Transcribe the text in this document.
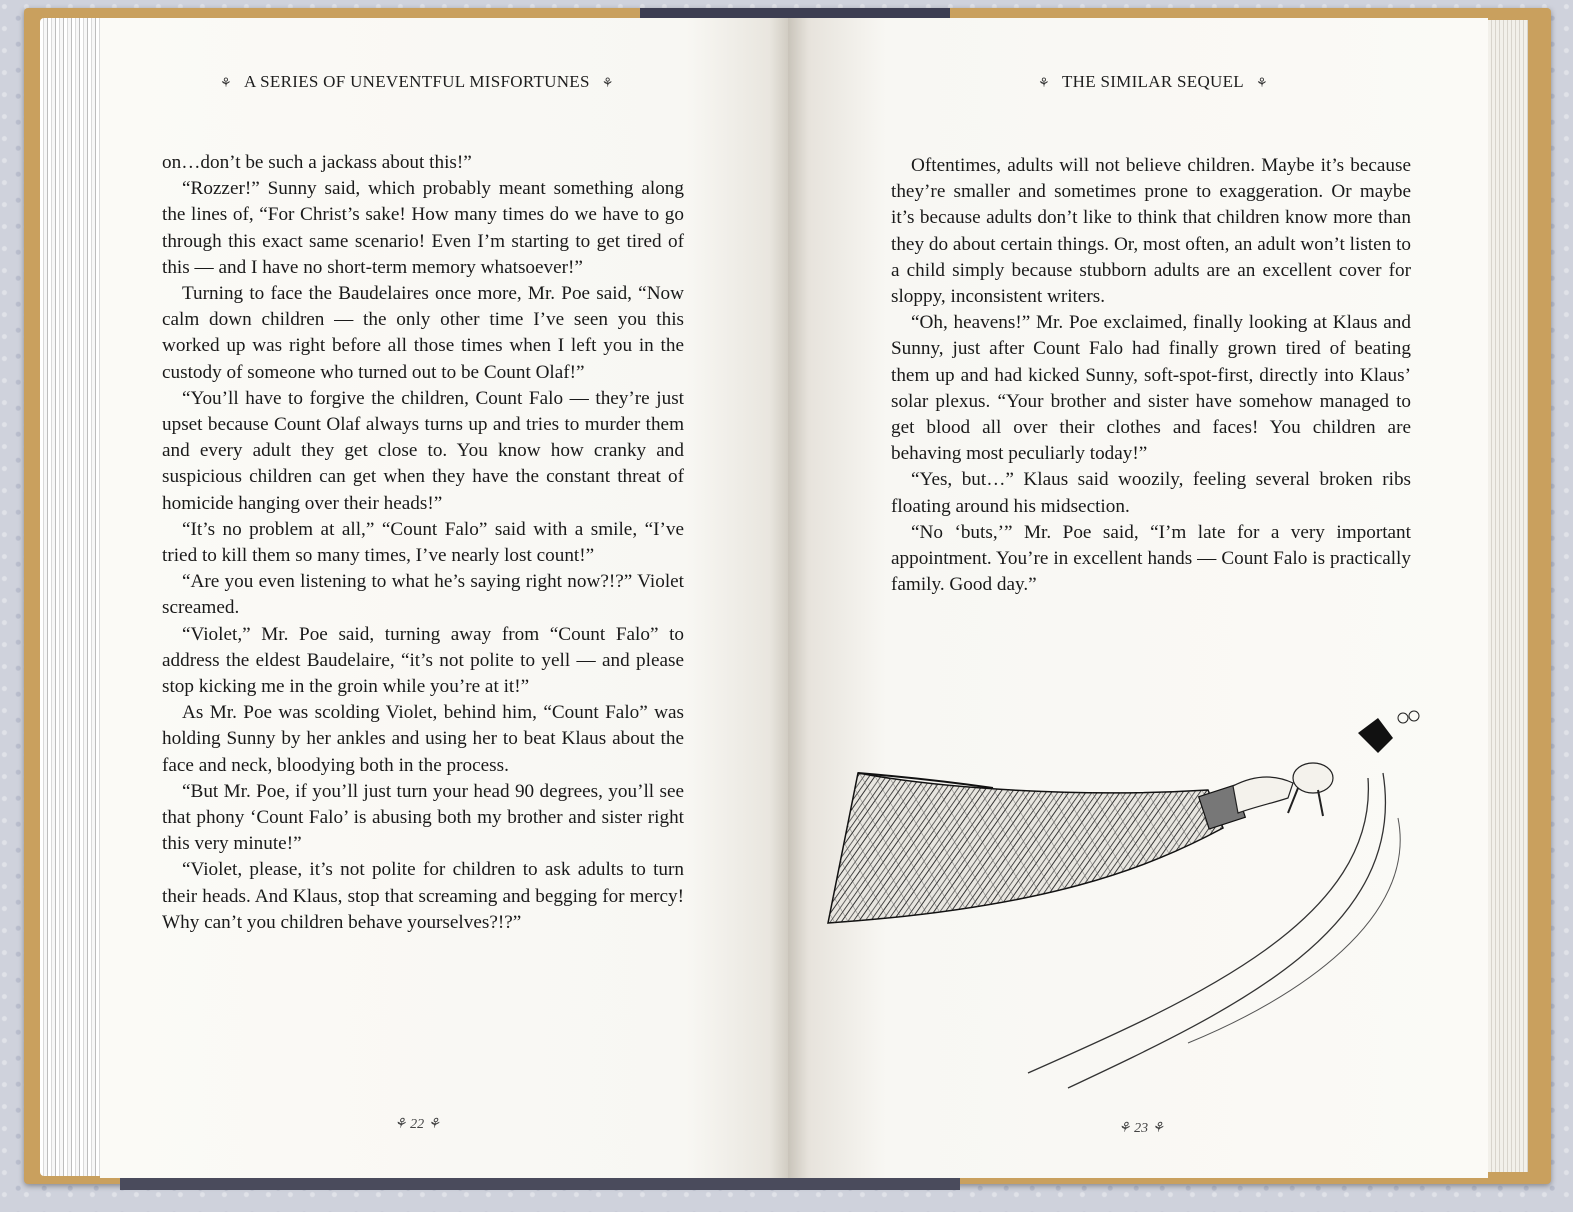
⚘ A SERIES OF UNEVENTFUL MISFORTUNES ⚘

on…don’t be such a jackass about this!”

“Rozzer!” Sunny said, which probably meant something along the lines of, “For Christ’s sake! How many times do we have to go through this exact same scenario! Even I’m starting to get tired of this — and I have no short-term memory whatsoever!”

Turning to face the Baudelaires once more, Mr. Poe said, “Now calm down children — the only other time I’ve seen you this worked up was right before all those times when I left you in the custody of someone who turned out to be Count Olaf!”

“You’ll have to forgive the children, Count Falo — they’re just upset because Count Olaf always turns up and tries to murder them and every adult they get close to. You know how cranky and suspicious children can get when they have the constant threat of homicide hanging over their heads!”

“It’s no problem at all,” “Count Falo” said with a smile, “I’ve tried to kill them so many times, I’ve nearly lost count!”

“Are you even listening to what he’s saying right now?!?” Violet screamed.

“Violet,” Mr. Poe said, turning away from “Count Falo” to address the eldest Baudelaire, “it’s not polite to yell — and please stop kicking me in the groin while you’re at it!”

As Mr. Poe was scolding Violet, behind him, “Count Falo” was holding Sunny by her ankles and using her to beat Klaus about the face and neck, bloodying both in the process.

“But Mr. Poe, if you’ll just turn your head 90 degrees, you’ll see that phony ‘Count Falo’ is abusing both my brother and sister right this very minute!”

“Violet, please, it’s not polite for children to ask adults to turn their heads. And Klaus, stop that screaming and begging for mercy! Why can’t you children behave yourselves?!?”

⚘ 22 ⚘
⚘ THE SIMILAR SEQUEL ⚘

Oftentimes, adults will not believe children. Maybe it’s because they’re smaller and sometimes prone to exaggeration. Or maybe it’s because adults don’t like to think that children know more than they do about certain things. Or, most often, an adult won’t listen to a child simply because stubborn adults are an excellent cover for sloppy, inconsistent writers.

“Oh, heavens!” Mr. Poe exclaimed, finally looking at Klaus and Sunny, just after Count Falo had finally grown tired of beating them up and had kicked Sunny, soft-spot-first, directly into Klaus’ solar plexus. “Your brother and sister have somehow managed to get blood all over their clothes and faces! You children are behaving most peculiarly today!”

“Yes, but…” Klaus said woozily, feeling several broken ribs floating around his midsection.

“No ‘buts,’” Mr. Poe said, “I’m late for a very important appointment. You’re in excellent hands — Count Falo is practically family. Good day.”

⚘ 23 ⚘
